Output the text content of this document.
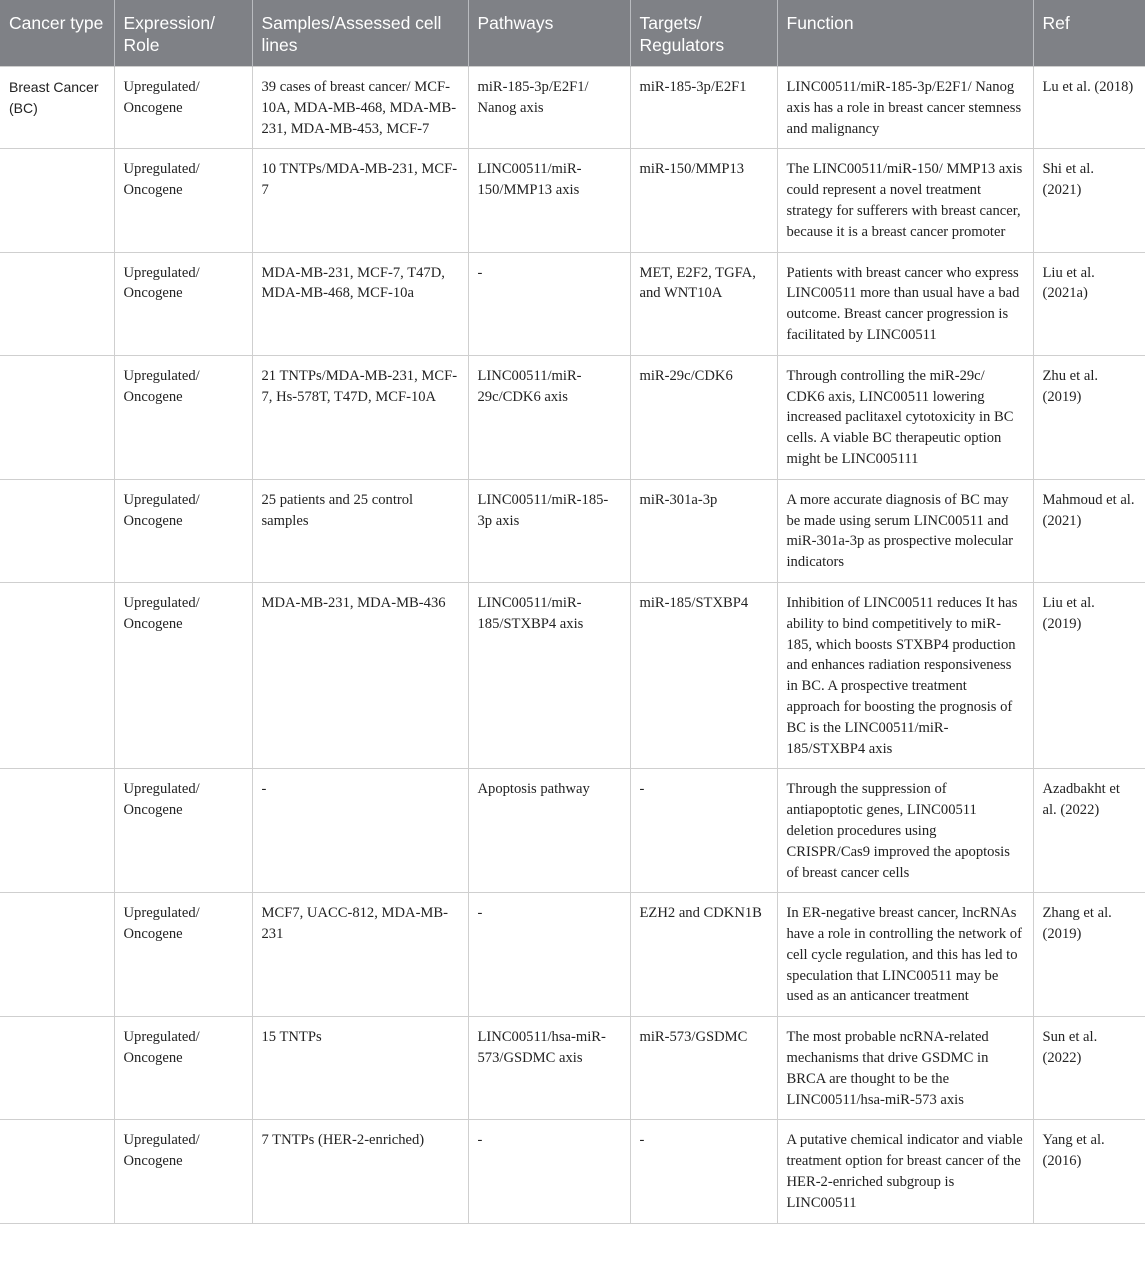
Cancer type	Expression/ Role	Samples/Assessed cell lines	Pathways	Targets/ Regulators	Function	Ref
Breast Cancer (BC)	Upregulated/ Oncogene	39 cases of breast cancer/ MCF-10A, MDA-MB-468, MDA-MB-231, MDA-MB-453, MCF-7	miR-185-3p/E2F1/ Nanog axis	miR-185-3p/E2F1	LINC00511/miR-185-3p/E2F1/ Nanog axis has a role in breast cancer stemness and malignancy	Lu et al. (2018)
	Upregulated/ Oncogene	10 TNTPs/MDA-MB-231, MCF-7	LINC00511/miR-150/MMP13 axis	miR-150/MMP13	The LINC00511/miR-150/ MMP13 axis could represent a novel treatment strategy for sufferers with breast cancer, because it is a breast cancer promoter	Shi et al. (2021)
	Upregulated/ Oncogene	MDA-MB-231, MCF-7, T47D, MDA-MB-468, MCF-10a	-	MET, E2F2, TGFA, and WNT10A	Patients with breast cancer who express LINC00511 more than usual have a bad outcome. Breast cancer progression is facilitated by LINC00511	Liu et al. (2021a)
	Upregulated/ Oncogene	21 TNTPs/MDA-MB-231, MCF-7, Hs-578T, T47D, MCF-10A	LINC00511/miR-29c/CDK6 axis	miR-29c/CDK6	Through controlling the miR-29c/ CDK6 axis, LINC00511 lowering increased paclitaxel cytotoxicity in BC cells. A viable BC therapeutic option might be LINC005111	Zhu et al. (2019)
	Upregulated/ Oncogene	25 patients and 25 control samples	LINC00511/miR-185-3p axis	miR-301a-3p	A more accurate diagnosis of BC may be made using serum LINC00511 and miR-301a-3p as prospective molecular indicators	Mahmoud et al. (2021)
	Upregulated/ Oncogene	MDA-MB-231, MDA-MB-436	LINC00511/miR-185/STXBP4 axis	miR-185/STXBP4	Inhibition of LINC00511 reduces It has ability to bind competitively to miR-185, which boosts STXBP4 production and enhances radiation responsiveness in BC. A prospective treatment approach for boosting the prognosis of BC is the LINC00511/miR-185/STXBP4 axis	Liu et al. (2019)
	Upregulated/ Oncogene	-	Apoptosis pathway	-	Through the suppression of antiapoptotic genes, LINC00511 deletion procedures using CRISPR/Cas9 improved the apoptosis of breast cancer cells	Azadbakht et al. (2022)
	Upregulated/ Oncogene	MCF7, UACC-812, MDA-MB-231	-	EZH2 and CDKN1B	In ER-negative breast cancer, lncRNAs have a role in controlling the network of cell cycle regulation, and this has led to speculation that LINC00511 may be used as an anticancer treatment	Zhang et al. (2019)
	Upregulated/ Oncogene	15 TNTPs	LINC00511/hsa-miR-573/GSDMC axis	miR-573/GSDMC	The most probable ncRNA-related mechanisms that drive GSDMC in BRCA are thought to be the LINC00511/hsa-miR-573 axis	Sun et al. (2022)
	Upregulated/ Oncogene	7 TNTPs (HER-2-enriched)	-	-	A putative chemical indicator and viable treatment option for breast cancer of the HER-2-enriched subgroup is LINC00511	Yang et al. (2016)
